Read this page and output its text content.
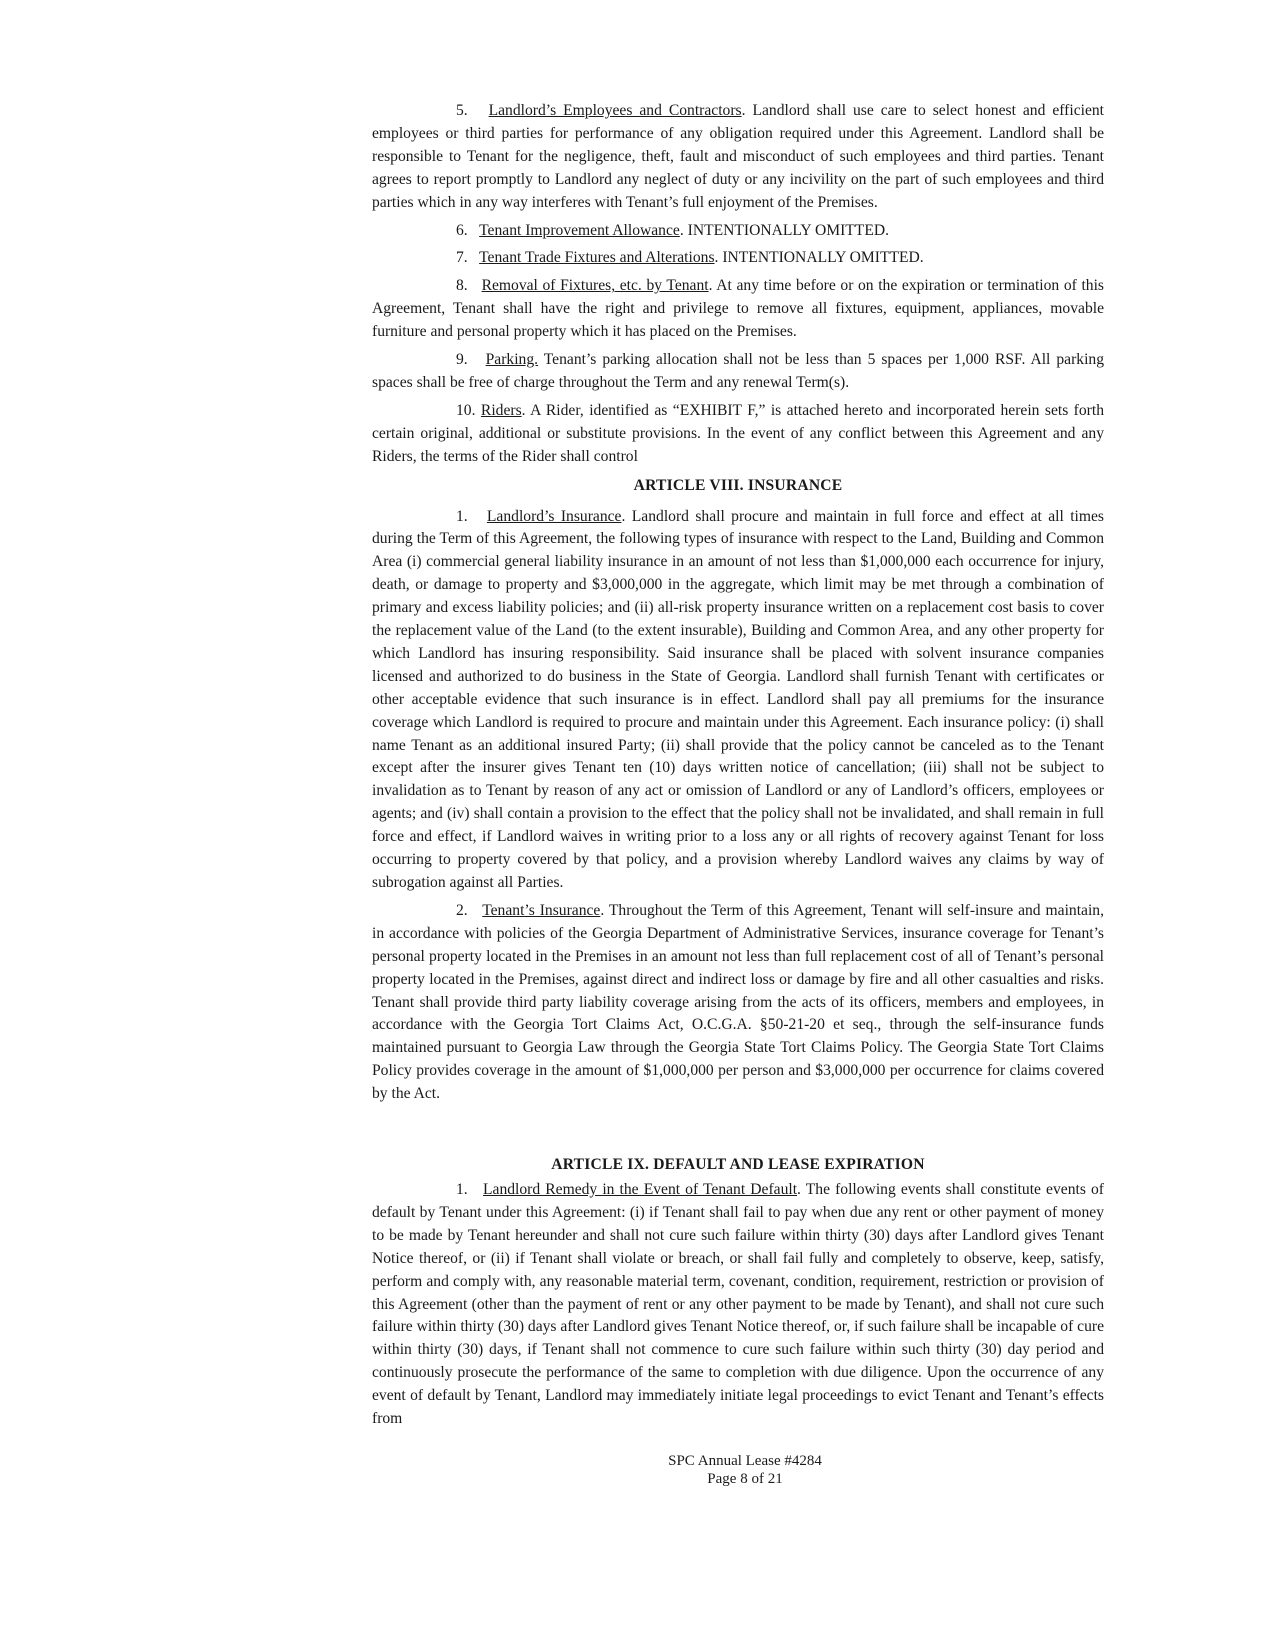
5. Landlord’s Employees and Contractors. Landlord shall use care to select honest and efficient employees or third parties for performance of any obligation required under this Agreement. Landlord shall be responsible to Tenant for the negligence, theft, fault and misconduct of such employees and third parties. Tenant agrees to report promptly to Landlord any neglect of duty or any incivility on the part of such employees and third parties which in any way interferes with Tenant’s full enjoyment of the Premises.

6. Tenant Improvement Allowance. INTENTIONALLY OMITTED.

7. Tenant Trade Fixtures and Alterations. INTENTIONALLY OMITTED.

8. Removal of Fixtures, etc. by Tenant. At any time before or on the expiration or termination of this Agreement, Tenant shall have the right and privilege to remove all fixtures, equipment, appliances, movable furniture and personal property which it has placed on the Premises.

9. Parking. Tenant’s parking allocation shall not be less than 5 spaces per 1,000 RSF. All parking spaces shall be free of charge throughout the Term and any renewal Term(s).

10. Riders. A Rider, identified as “EXHIBIT F,” is attached hereto and incorporated herein sets forth certain original, additional or substitute provisions. In the event of any conflict between this Agreement and any Riders, the terms of the Rider shall control

ARTICLE VIII. INSURANCE

1. Landlord’s Insurance. Landlord shall procure and maintain in full force and effect at all times during the Term of this Agreement, the following types of insurance with respect to the Land, Building and Common Area (i) commercial general liability insurance in an amount of not less than $1,000,000 each occurrence for injury, death, or damage to property and $3,000,000 in the aggregate, which limit may be met through a combination of primary and excess liability policies; and (ii) all-risk property insurance written on a replacement cost basis to cover the replacement value of the Land (to the extent insurable), Building and Common Area, and any other property for which Landlord has insuring responsibility. Said insurance shall be placed with solvent insurance companies licensed and authorized to do business in the State of Georgia. Landlord shall furnish Tenant with certificates or other acceptable evidence that such insurance is in effect. Landlord shall pay all premiums for the insurance coverage which Landlord is required to procure and maintain under this Agreement. Each insurance policy: (i) shall name Tenant as an additional insured Party; (ii) shall provide that the policy cannot be canceled as to the Tenant except after the insurer gives Tenant ten (10) days written notice of cancellation; (iii) shall not be subject to invalidation as to Tenant by reason of any act or omission of Landlord or any of Landlord’s officers, employees or agents; and (iv) shall contain a provision to the effect that the policy shall not be invalidated, and shall remain in full force and effect, if Landlord waives in writing prior to a loss any or all rights of recovery against Tenant for loss occurring to property covered by that policy, and a provision whereby Landlord waives any claims by way of subrogation against all Parties.

2. Tenant’s Insurance. Throughout the Term of this Agreement, Tenant will self-insure and maintain, in accordance with policies of the Georgia Department of Administrative Services, insurance coverage for Tenant’s personal property located in the Premises in an amount not less than full replacement cost of all of Tenant’s personal property located in the Premises, against direct and indirect loss or damage by fire and all other casualties and risks. Tenant shall provide third party liability coverage arising from the acts of its officers, members and employees, in accordance with the Georgia Tort Claims Act, O.C.G.A. §50-21-20 et seq., through the self-insurance funds maintained pursuant to Georgia Law through the Georgia State Tort Claims Policy. The Georgia State Tort Claims Policy provides coverage in the amount of $1,000,000 per person and $3,000,000 per occurrence for claims covered by the Act.

ARTICLE IX. DEFAULT AND LEASE EXPIRATION

1. Landlord Remedy in the Event of Tenant Default. The following events shall constitute events of default by Tenant under this Agreement: (i) if Tenant shall fail to pay when due any rent or other payment of money to be made by Tenant hereunder and shall not cure such failure within thirty (30) days after Landlord gives Tenant Notice thereof, or (ii) if Tenant shall violate or breach, or shall fail fully and completely to observe, keep, satisfy, perform and comply with, any reasonable material term, covenant, condition, requirement, restriction or provision of this Agreement (other than the payment of rent or any other payment to be made by Tenant), and shall not cure such failure within thirty (30) days after Landlord gives Tenant Notice thereof, or, if such failure shall be incapable of cure within thirty (30) days, if Tenant shall not commence to cure such failure within such thirty (30) day period and continuously prosecute the performance of the same to completion with due diligence. Upon the occurrence of any event of default by Tenant, Landlord may immediately initiate legal proceedings to evict Tenant and Tenant’s effects from

SPC Annual Lease #4284
Page 8 of 21
